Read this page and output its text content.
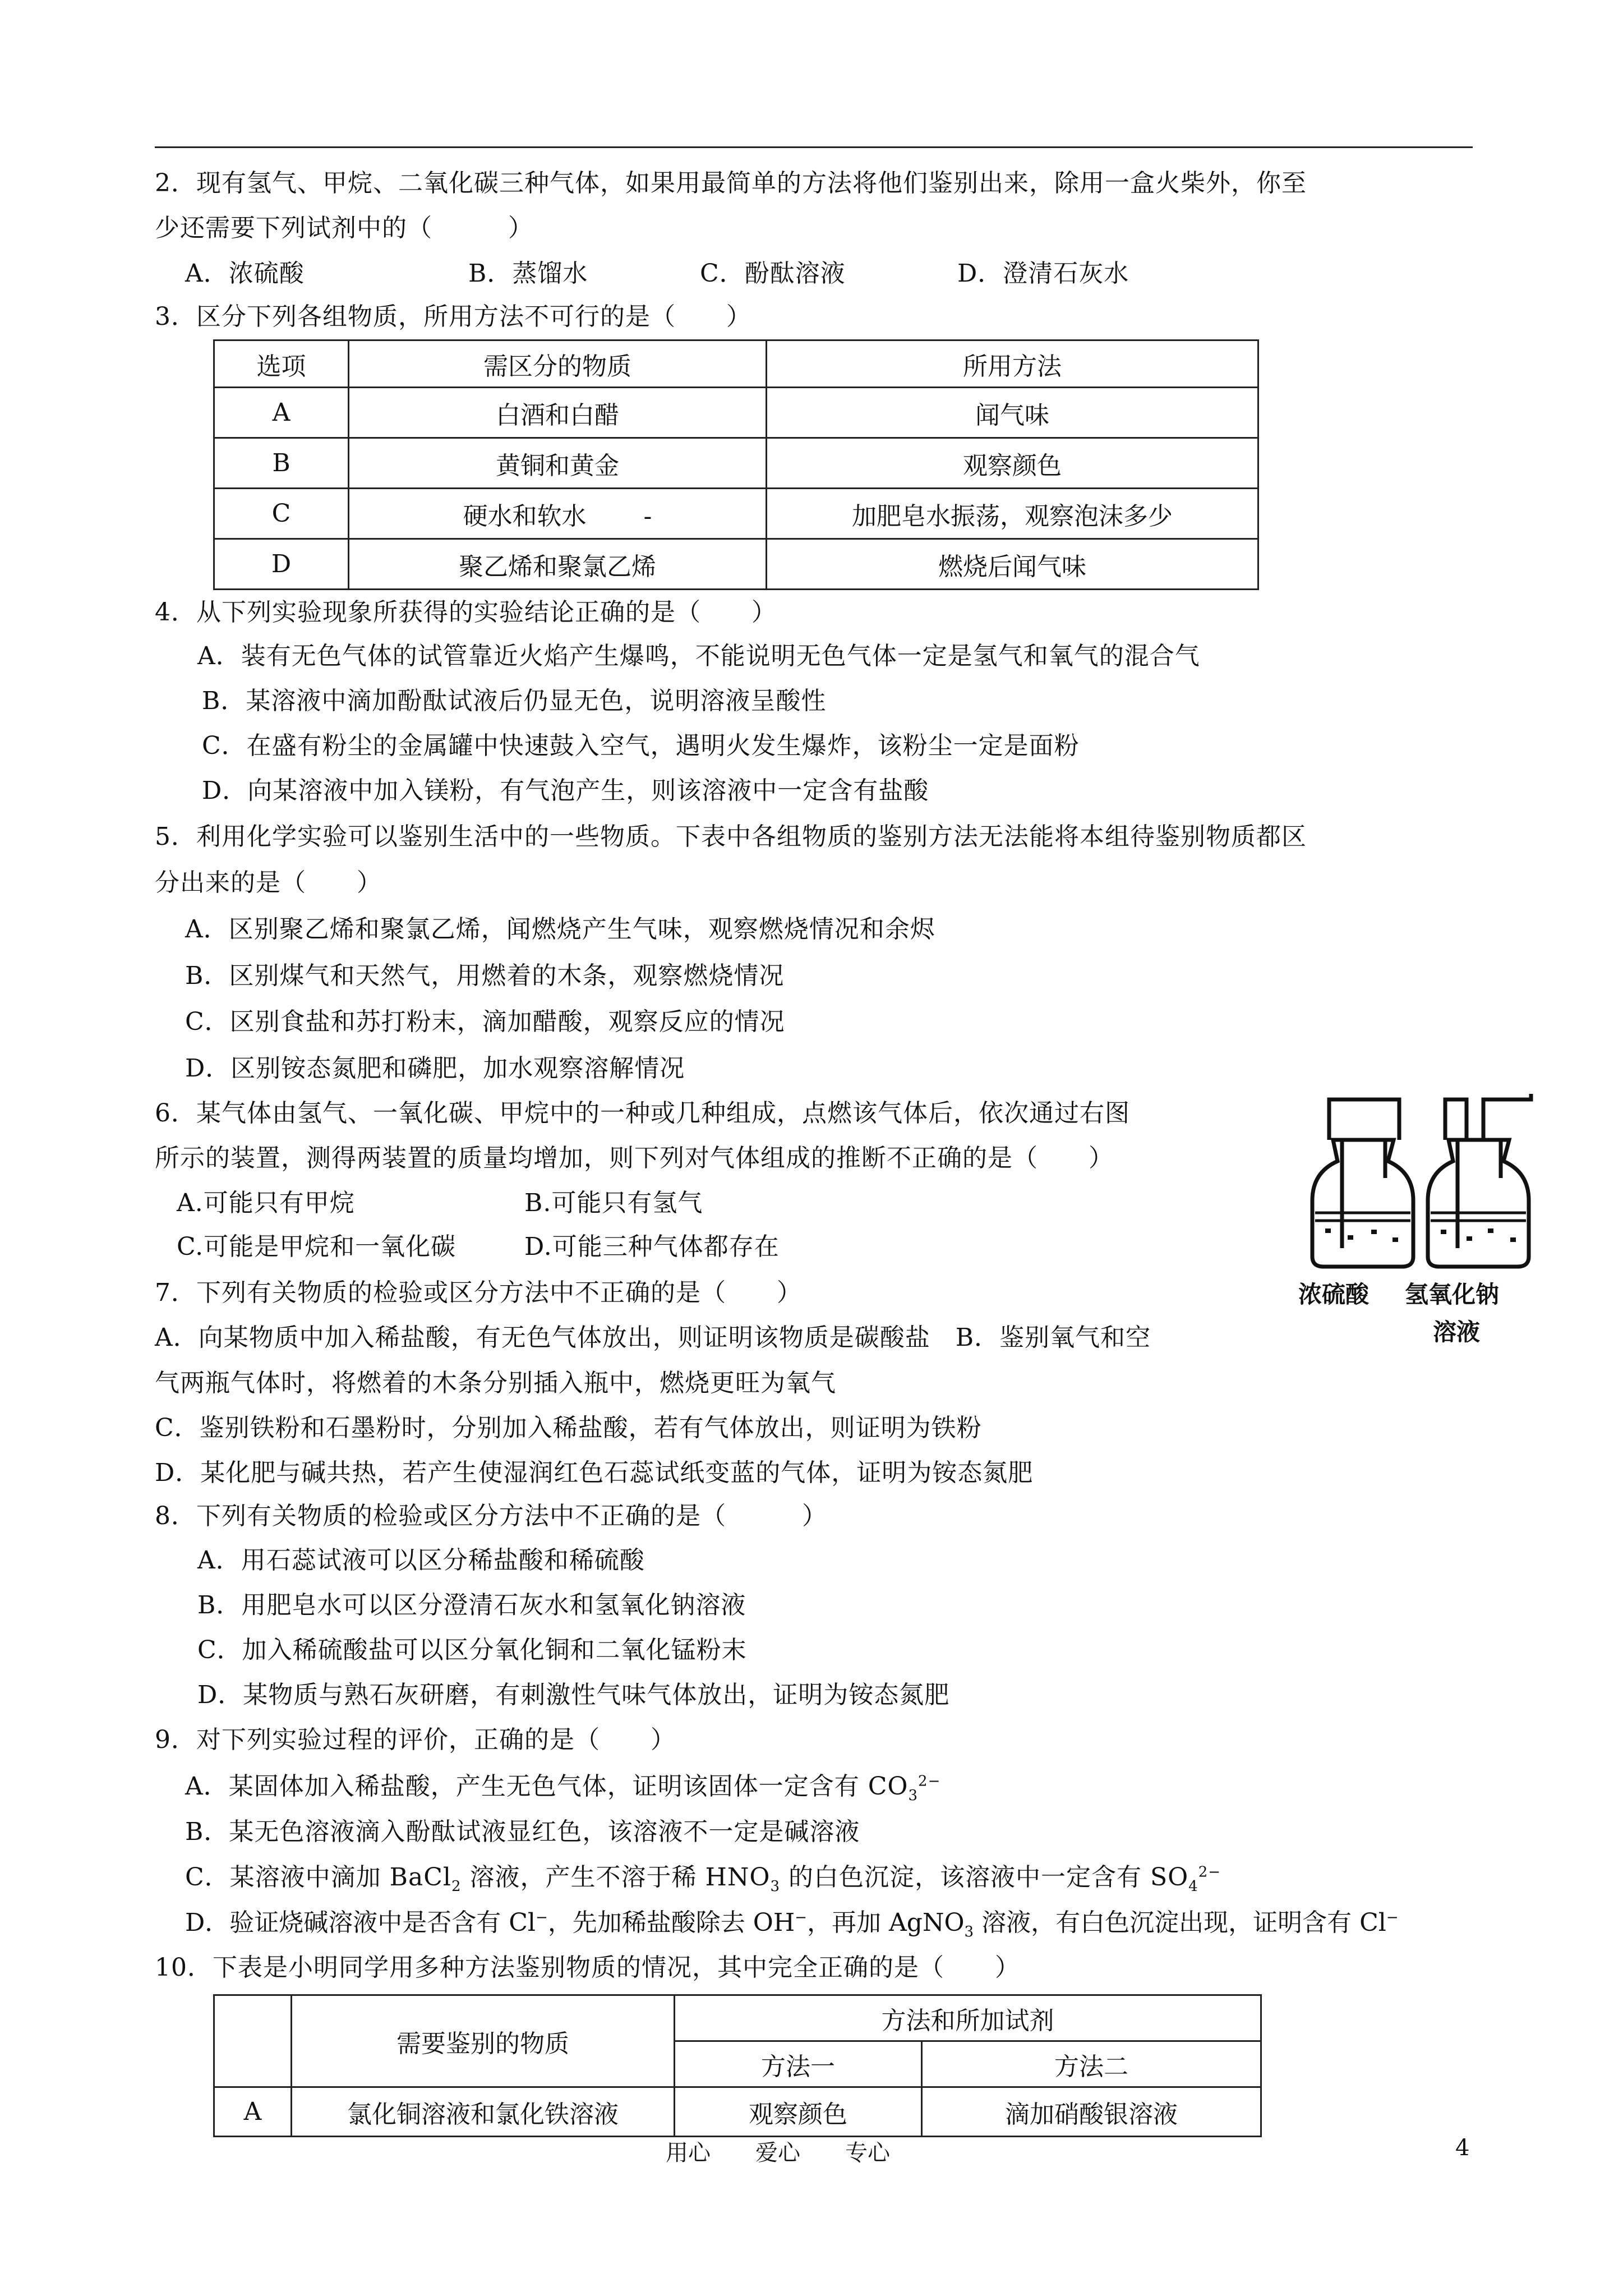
2．现有氢气、甲烷、二氧化碳三种气体，如果用最简单的方法将他们鉴别出来，除用一盒火柴外，你至
少还需要下列试剂中的（　　　）
A．浓硫酸	B．蒸馏水	C．酚酞溶液	D．澄清石灰水
3．区分下列各组物质，所用方法不可行的是（　　）
选项	需区分的物质	所用方法
A	白酒和白醋	闻气味
B	黄铜和黄金	观察颜色
C	硬水和软水　　 -	加肥皂水振荡，观察泡沫多少
D	聚乙烯和聚氯乙烯	燃烧后闻气味
4．从下列实验现象所获得的实验结论正确的是（　　）
A．装有无色气体的试管靠近火焰产生爆鸣，不能说明无色气体一定是氢气和氧气的混合气
B．某溶液中滴加酚酞试液后仍显无色，说明溶液呈酸性
C．在盛有粉尘的金属罐中快速鼓入空气，遇明火发生爆炸，该粉尘一定是面粉
D．向某溶液中加入镁粉，有气泡产生，则该溶液中一定含有盐酸
5．利用化学实验可以鉴别生活中的一些物质。下表中各组物质的鉴别方法无法能将本组待鉴别物质都区
分出来的是（　　）
A．区别聚乙烯和聚氯乙烯，闻燃烧产生气味，观察燃烧情况和余烬
B．区别煤气和天然气，用燃着的木条，观察燃烧情况
C．区别食盐和苏打粉末，滴加醋酸，观察反应的情况
D．区别铵态氮肥和磷肥，加水观察溶解情况
6．某气体由氢气、一氧化碳、甲烷中的一种或几种组成，点燃该气体后，依次通过右图
所示的装置，测得两装置的质量均增加，则下列对气体组成的推断不正确的是（　　）
A.可能只有甲烷	B.可能只有氢气
C.可能是甲烷和一氧化碳	D.可能三种气体都存在
浓硫酸 氢氧化钠
溶液
7．下列有关物质的检验或区分方法中不正确的是（　　）
A．向某物质中加入稀盐酸，有无色气体放出，则证明该物质是碳酸盐　B．鉴别氧气和空
气两瓶气体时，将燃着的木条分别插入瓶中，燃烧更旺为氧气
C．鉴别铁粉和石墨粉时，分别加入稀盐酸，若有气体放出，则证明为铁粉
D．某化肥与碱共热，若产生使湿润红色石蕊试纸变蓝的气体，证明为铵态氮肥
8．下列有关物质的检验或区分方法中不正确的是（　　　）
A．用石蕊试液可以区分稀盐酸和稀硫酸
B．用肥皂水可以区分澄清石灰水和氢氧化钠溶液
C．加入稀硫酸盐可以区分氧化铜和二氧化锰粉末
D．某物质与熟石灰研磨，有刺激性气味气体放出，证明为铵态氮肥
9．对下列实验过程的评价，正确的是（　　）
A．某固体加入稀盐酸，产生无色气体，证明该固体一定含有 $CO_3^{2-}$
B．某无色溶液滴入酚酞试液显红色，该溶液不一定是碱溶液
C．某溶液中滴加 BaCl$_2$ 溶液，产生不溶于稀 $HNO_3$ 的白色沉淀，该溶液中一定含有 $SO_4^{2-}$
D．验证烧碱溶液中是否含有 Cl−，先加稀盐酸除去 OH−，再加 AgNO$_3$ 溶液，有白色沉淀出现，证明含有 Cl−
10．下表是小明同学用多种方法鉴别物质的情况，其中完全正确的是（　　）
	需要鉴别的物质	方法和所加试剂	
		方法一	方法二
A	氯化铜溶液和氯化铁溶液	观察颜色	滴加硝酸银溶液
用心　　爱心　　专心	4
